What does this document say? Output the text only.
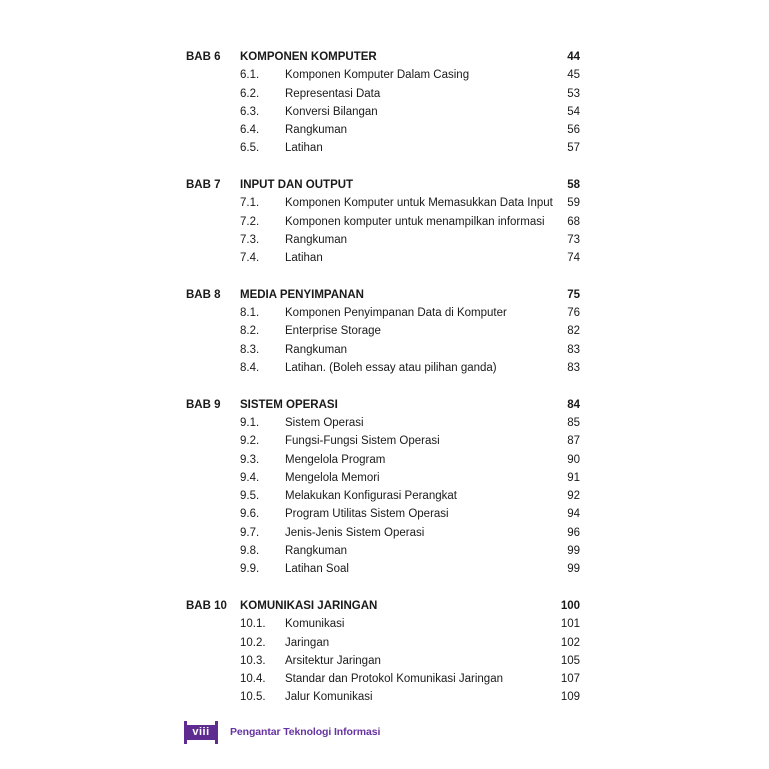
BAB 6	KOMPONEN KOMPUTER	44
6.1.	Komponen Komputer Dalam Casing	45
6.2.	Representasi Data	53
6.3.	Konversi Bilangan	54
6.4.	Rangkuman	56
6.5.	Latihan	57
BAB 7	INPUT DAN OUTPUT	58
7.1.	Komponen Komputer untuk Memasukkan Data Input	59
7.2.	Komponen komputer untuk menampilkan informasi	68
7.3.	Rangkuman	73
7.4.	Latihan	74
BAB 8	MEDIA PENYIMPANAN	75
8.1.	Komponen Penyimpanan Data di Komputer	76
8.2.	Enterprise Storage	82
8.3.	Rangkuman	83
8.4.	Latihan. (Boleh essay atau pilihan ganda)	83
BAB 9	SISTEM OPERASI	84
9.1.	Sistem Operasi	85
9.2.	Fungsi-Fungsi Sistem Operasi	87
9.3.	Mengelola Program	90
9.4.	Mengelola Memori	91
9.5.	Melakukan Konfigurasi Perangkat	92
9.6.	Program Utilitas Sistem Operasi	94
9.7.	Jenis-Jenis Sistem Operasi	96
9.8.	Rangkuman	99
9.9.	Latihan Soal	99
BAB 10	KOMUNIKASI JARINGAN	100
10.1.	Komunikasi	101
10.2.	Jaringan	102
10.3.	Arsitektur Jaringan	105
10.4.	Standar dan Protokol Komunikasi Jaringan	107
10.5.	Jalur Komunikasi	109
viii	Pengantar Teknologi Informasi
